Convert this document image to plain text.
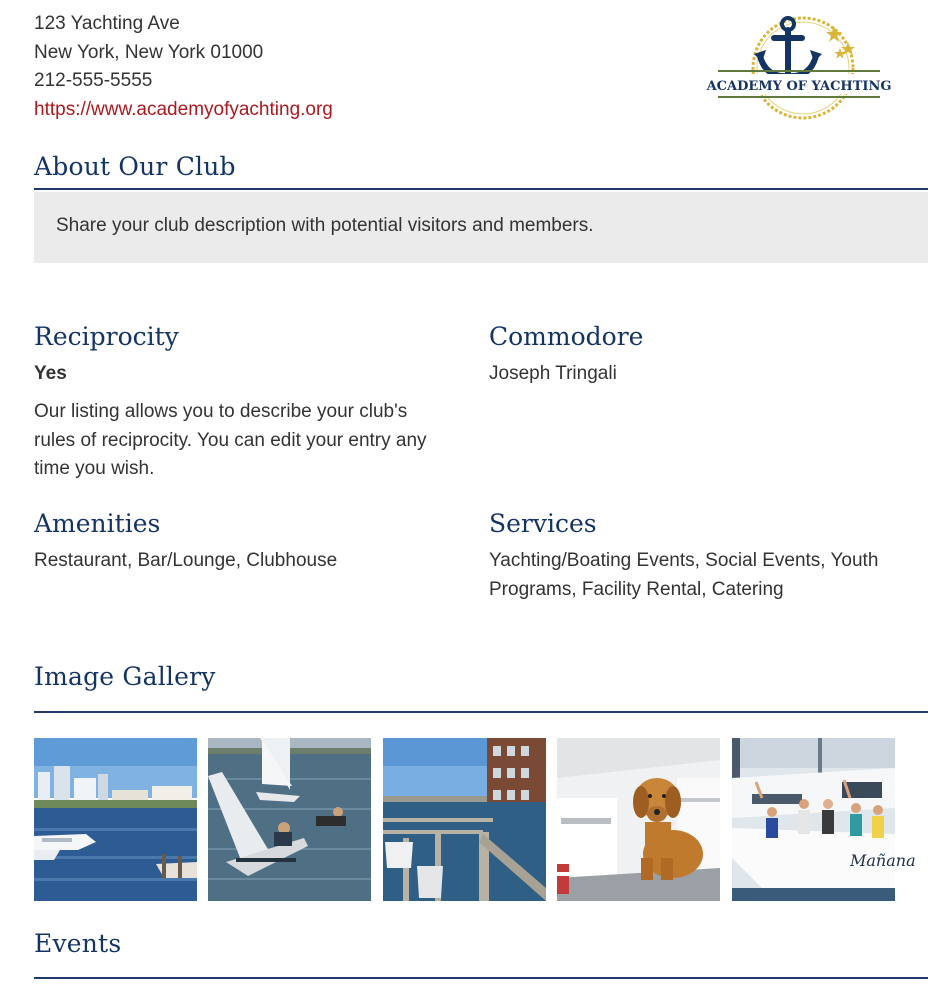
123 Yachting Ave
New York, New York 01000
212-555-5555
https://www.academyofyachting.org
ACADEMY OF YACHTING
About Our Club
Share your club description with potential visitors and members.
Reciprocity
Yes
Our listing allows you to describe your club's
rules of reciprocity. You can edit your entry any
time you wish.
Commodore
Joseph Tringali
Amenities
Restaurant, Bar/Lounge, Clubhouse
Services
Yachting/Boating Events, Social Events, Youth
Programs, Facility Rental, Catering
Image Gallery
Mañana
Events
